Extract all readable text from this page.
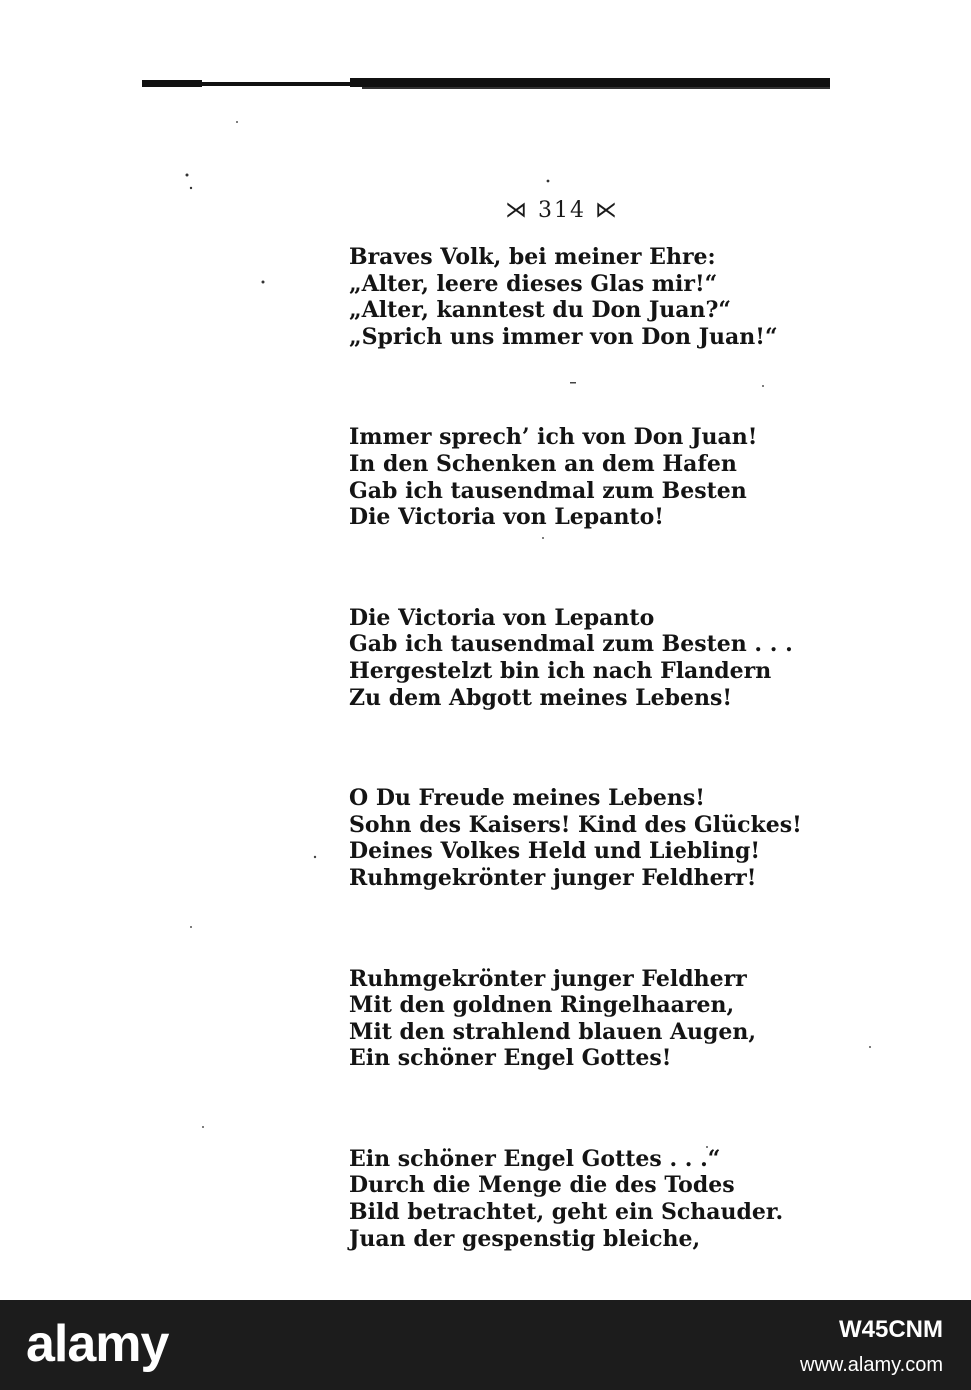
⋊ 314 ⋉
Braves Volk, bei meiner Ehre:
„Alter, leere dieses Glas mir!“
„Alter, kanntest du Don Juan?“
„Sprich uns immer von Don Juan!“
Immer sprech’ ich von Don Juan!
In den Schenken an dem Hafen
Gab ich tausendmal zum Besten
Die Victoria von Lepanto!
Die Victoria von Lepanto
Gab ich tausendmal zum Besten . . .
Hergestelzt bin ich nach Flandern
Zu dem Abgott meines Lebens!
O Du Freude meines Lebens!
Sohn des Kaisers! Kind des Glückes!
Deines Volkes Held und Liebling!
Ruhmgekrönter junger Feldherr!
Ruhmgekrönter junger Feldherr
Mit den goldnen Ringelhaaren,
Mit den strahlend blauen Augen,
Ein schöner Engel Gottes!
Ein schöner Engel Gottes . . .“
Durch die Menge die des Todes
Bild betrachtet, geht ein Schauder.
Juan der gespenstig bleiche,
alamy	W45CNM
www.alamy.com
